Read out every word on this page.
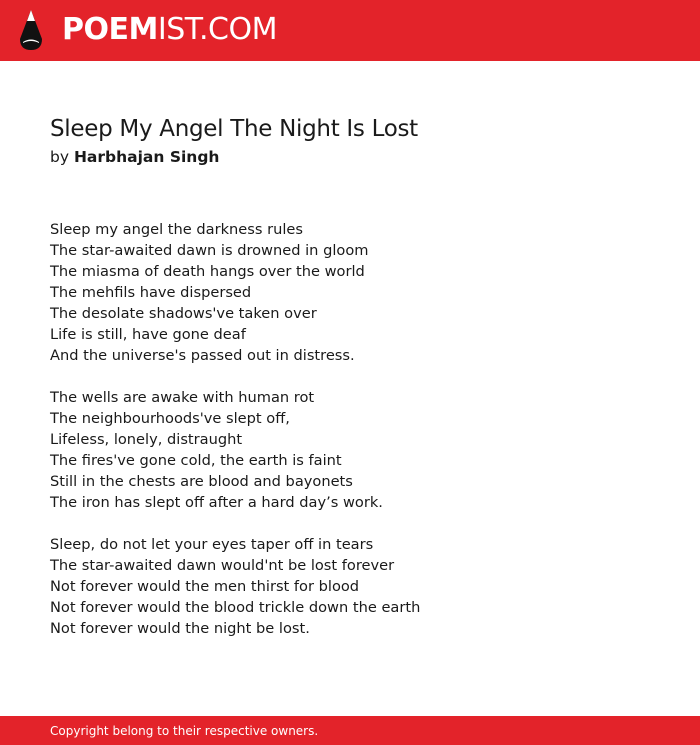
POEMIST.COM
Sleep My Angel The Night Is Lost
by Harbhajan Singh
Sleep my angel the darkness rules
The star-awaited dawn is drowned in gloom
The miasma of death hangs over the world
The mehfils have dispersed
The desolate shadows've taken over
Life is still, have gone deaf
And the universe's passed out in distress.
The wells are awake with human rot
The neighbourhoods've slept off,
Lifeless, lonely, distraught
The fires've gone cold, the earth is faint
Still in the chests are blood and bayonets
The iron has slept off after a hard day’s work.
Sleep, do not let your eyes taper off in tears
The star-awaited dawn would'nt be lost forever
Not forever would the men thirst for blood
Not forever would the blood trickle down the earth
Not forever would the night be lost.
Copyright belong to their respective owners.
